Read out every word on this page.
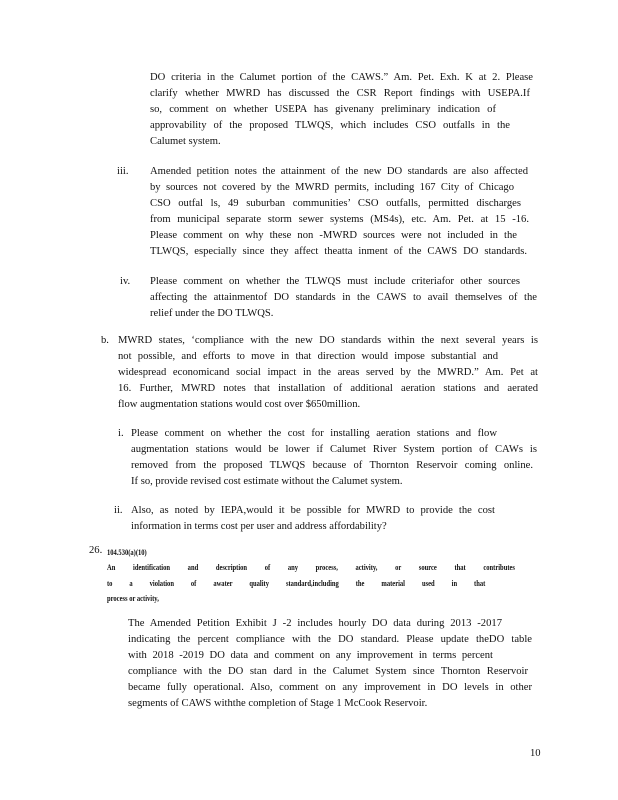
DO criteria in the Calumet portion of the CAWS.” Am. Pet. Exh. K at 2. Please
clarify whether MWRD has discussed the CSR Report findings with USEPA.If
so, comment on whether USEPA has givenany preliminary indication of
approvability of the proposed TLWQS, which includes CSO outfalls in the
Calumet system.
iii. Amended petition notes the attainment of the new DO standards are also affected
by sources not covered by the MWRD permits, including 167 City of Chicago
CSO outfal ls, 49 suburban communities’ CSO outfalls, permitted discharges
from municipal separate storm sewer systems (MS4s), etc. Am. Pet. at 15 -16.
Please comment on why these non -MWRD sources were not included in the
TLWQS, especially since they affect theatta inment of the CAWS DO standards.
iv. Please comment on whether the TLWQS must include criteriafor other sources
affecting the attainmentof DO standards in the CAWS to avail themselves of the
relief under the DO TLWQS.
b. MWRD states, ‘compliance with the new DO standards within the next several years is
not possible, and efforts to move in that direction would impose substantial and
widespread economicand social impact in the areas served by the MWRD.” Am. Pet at
16. Further, MWRD notes that installation of additional aeration stations and aerated
flow augmentation stations would cost over $650million.
i. Please comment on whether the cost for installing aeration stations and flow
augmentation stations would be lower if Calumet River System portion of CAWs is
removed from the proposed TLWQS because of Thornton Reservoir coming online.
If so, provide revised cost estimate without the Calumet system.
ii. Also, as noted by IEPA,would it be possible for MWRD to provide the cost
information in terms cost per user and address affordability?
26. 104.530(a)(10)
An identification and description of any process, activity, or source that contributes
to a violation of awater quality standard,including the material used in that
process or activity,
The Amended Petition Exhibit J -2 includes hourly DO data during 2013 -2017
indicating the percent compliance with the DO standard. Please update theDO table
with 2018 -2019 DO data and comment on any improvement in terms percent
compliance with the DO stan dard in the Calumet System since Thornton Reservoir
became fully operational. Also, comment on any improvement in DO levels in other
segments of CAWS withthe completion of Stage 1 McCook Reservoir.
10
